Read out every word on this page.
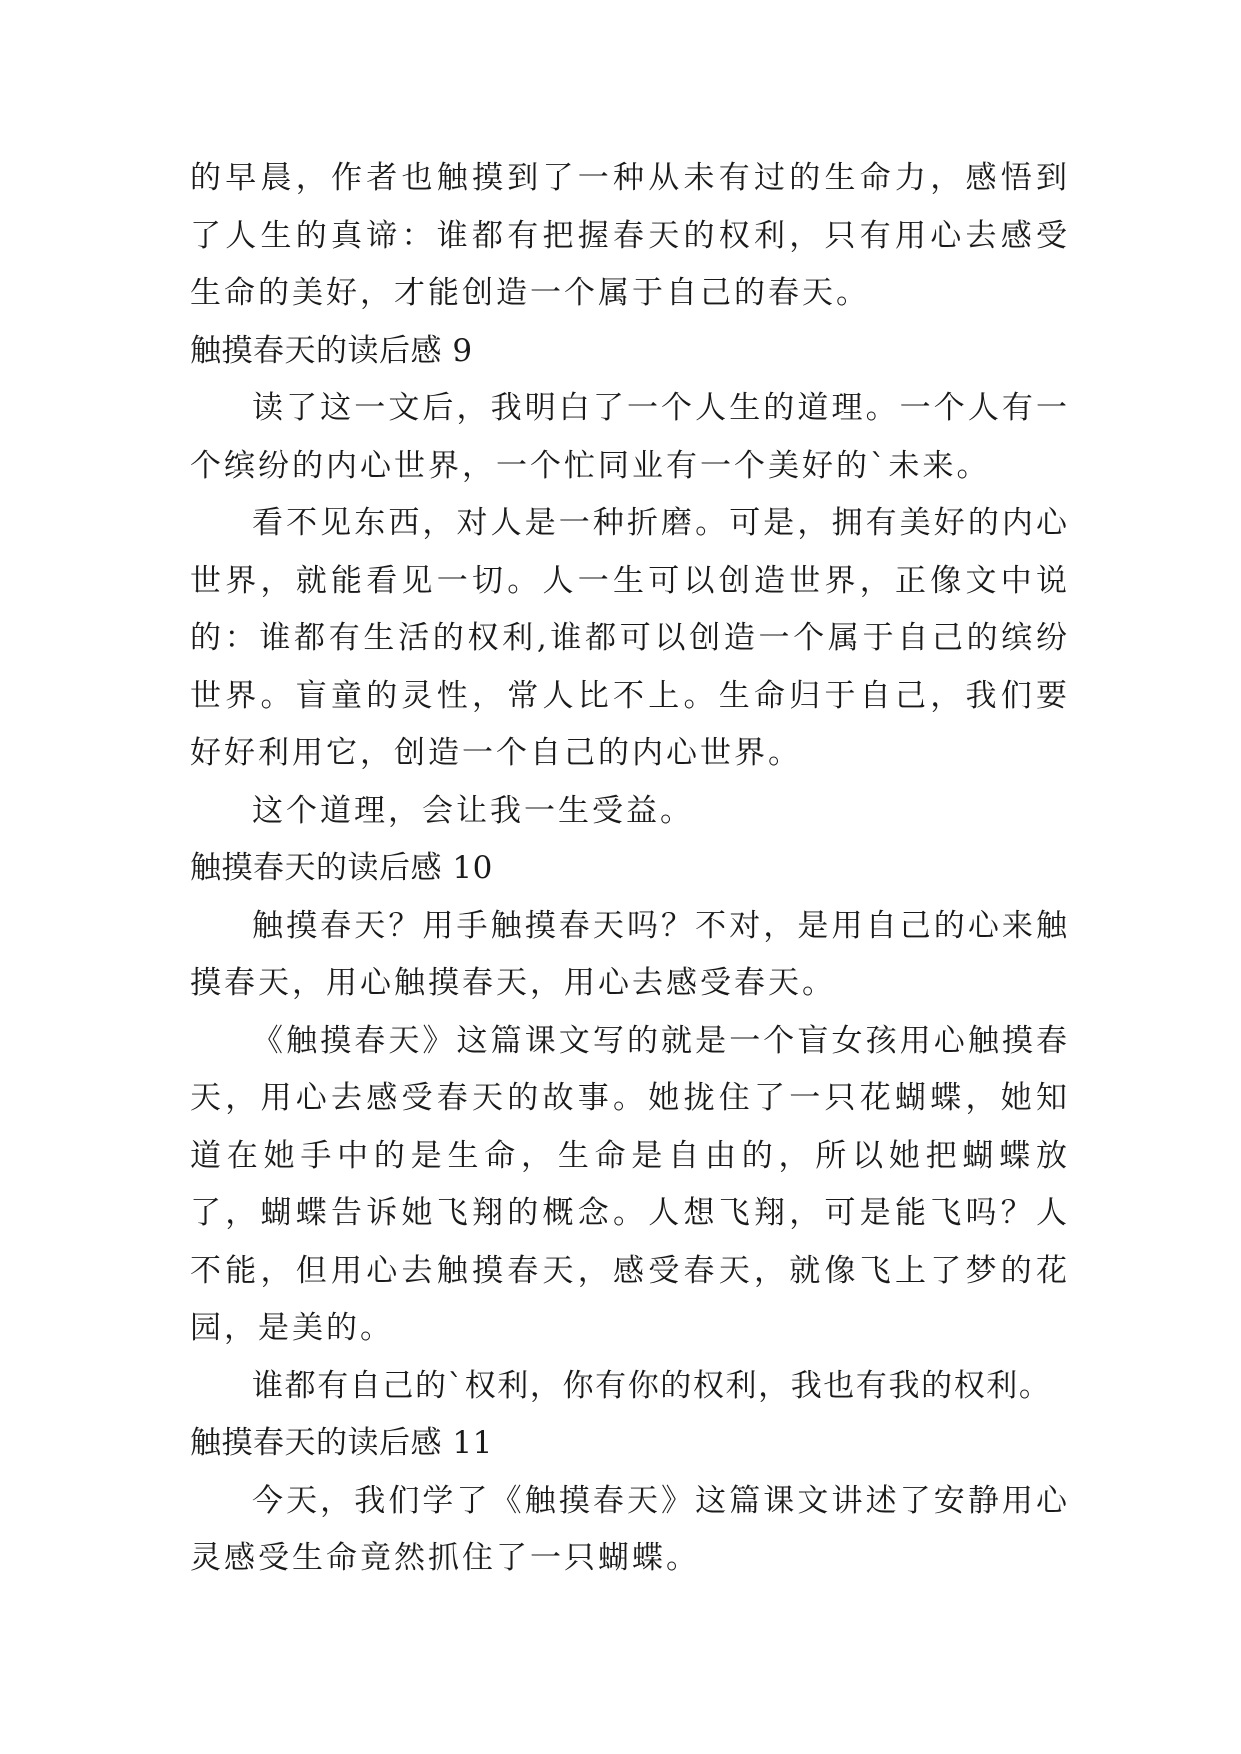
的早晨，作者也触摸到了一种从未有过的生命力，感悟到了人生的真谛：谁都有把握春天的权利，只有用心去感受生命的美好，才能创造一个属于自己的春天。

触摸春天的读后感 9

读了这一文后，我明白了一个人生的道理。一个人有一个缤纷的内心世界，一个忙同业有一个美好的`未来。

看不见东西，对人是一种折磨。可是，拥有美好的内心世界，就能看见一切。人一生可以创造世界，正像文中说的：谁都有生活的权利,谁都可以创造一个属于自己的缤纷世界。盲童的灵性，常人比不上。生命归于自己，我们要好好利用它，创造一个自己的内心世界。

这个道理，会让我一生受益。

触摸春天的读后感 10

触摸春天？用手触摸春天吗？不对，是用自己的心来触摸春天，用心触摸春天，用心去感受春天。

《触摸春天》这篇课文写的就是一个盲女孩用心触摸春天，用心去感受春天的故事。她拢住了一只花蝴蝶，她知道在她手中的是生命，生命是自由的，所以她把蝴蝶放了，蝴蝶告诉她飞翔的概念。人想飞翔，可是能飞吗？人不能，但用心去触摸春天，感受春天，就像飞上了梦的花园，是美的。

谁都有自己的`权利，你有你的权利，我也有我的权利。

触摸春天的读后感 11

今天，我们学了《触摸春天》这篇课文讲述了安静用心灵感受生命竟然抓住了一只蝴蝶。
